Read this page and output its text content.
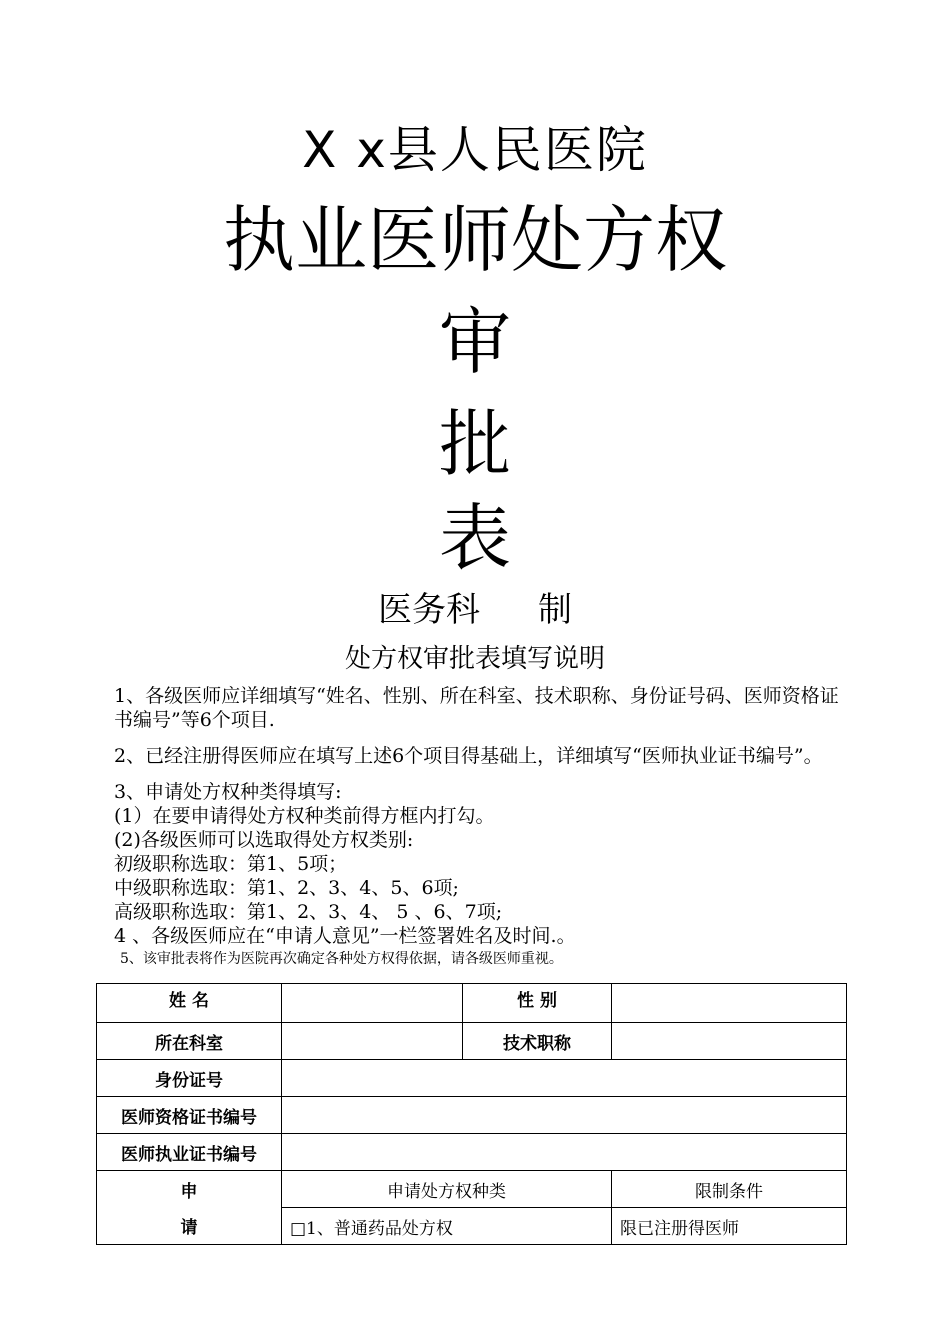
X x县人民医院
执业医师处方权
审
批
表
医务科 制
处方权审批表填写说明

1、各级医师应详细填写“姓名、性别、所在科室、技术职称、身份证号码、医师资格证书编号”等6个项目.

2、已经注册得医师应在填写上述6个项目得基础上，详细填写“医师执业证书编号”。

3、申请处方权种类得填写:

(1）在要申请得处方权种类前得方框内打勾。

(2)各级医师可以选取得处方权类别:

初级职称选取：第1、5项；

中级职称选取：第1、2、3、4、5、6项;

高级职称选取：第1、2、3、4、 5 、6、7项;

4 、各级医师应在“申请人意见”一栏签署姓名及时间.。

5、该审批表将作为医院再次确定各种处方权得依据，请各级医师重视。

姓 名		性 别	
所在科室		技术职称	
身份证号			
医师资格证书编号			
医师执业证书编号			
申	申请处方权种类		限制条件
请	□1、普通药品处方权		限已注册得医师
